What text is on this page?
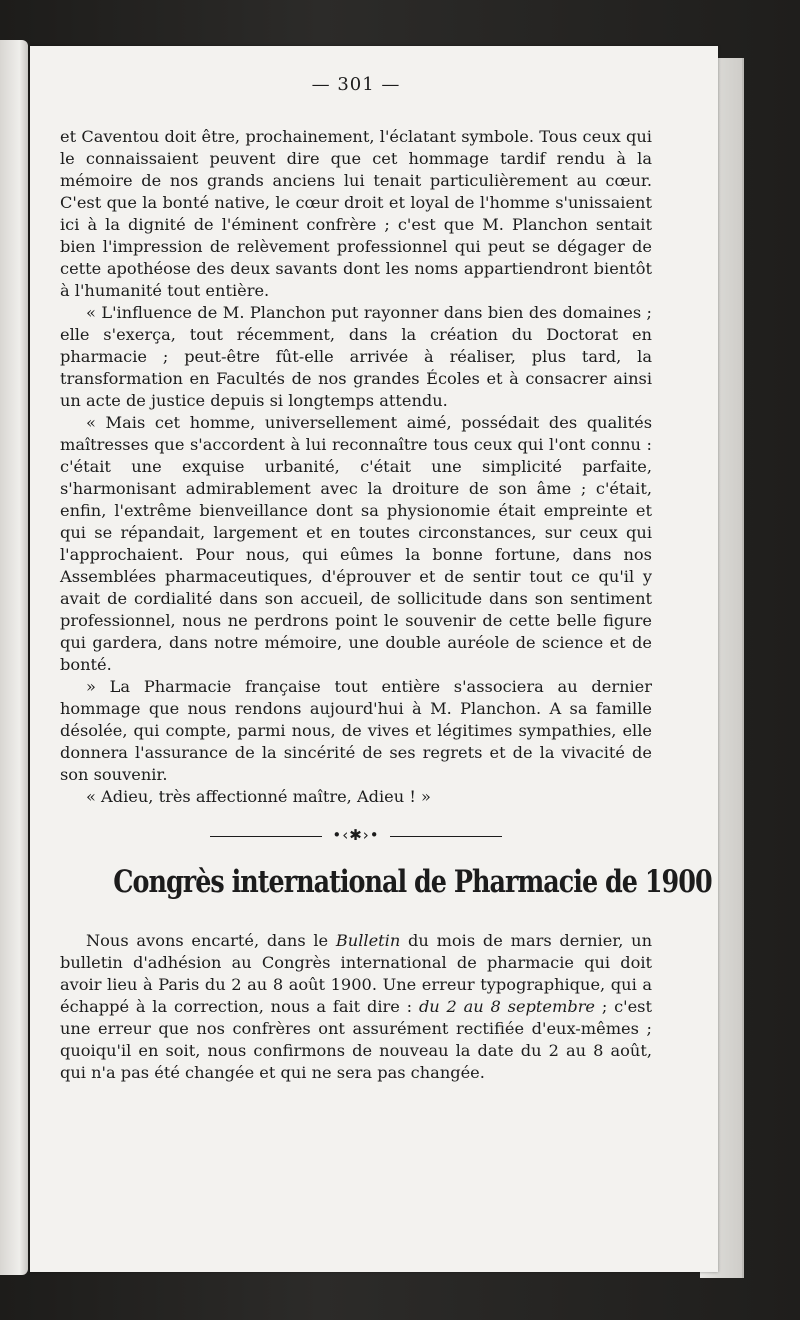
— 301 —

et Caventou doit être, prochainement, l'éclatant symbole. Tous ceux qui le connaissaient peuvent dire que cet hommage tardif rendu à la mémoire de nos grands anciens lui tenait particulièrement au cœur. C'est que la bonté native, le cœur droit et loyal de l'homme s'unissaient ici à la dignité de l'éminent confrère ; c'est que M. Planchon sentait bien l'impression de relèvement professionnel qui peut se dégager de cette apothéose des deux savants dont les noms appartiendront bientôt à l'humanité tout entière.

« L'influence de M. Planchon put rayonner dans bien des domaines ; elle s'exerça, tout récemment, dans la création du Doctorat en pharmacie ; peut-être fût-elle arrivée à réaliser, plus tard, la transformation en Facultés de nos grandes Écoles et à consacrer ainsi un acte de justice depuis si longtemps attendu.

« Mais cet homme, universellement aimé, possédait des qualités maîtresses que s'accordent à lui reconnaître tous ceux qui l'ont connu : c'était une exquise urbanité, c'était une simplicité parfaite, s'harmonisant admirablement avec la droiture de son âme ; c'était, enfin, l'extrême bienveillance dont sa physionomie était empreinte et qui se répandait, largement et en toutes circonstances, sur ceux qui l'approchaient. Pour nous, qui eûmes la bonne fortune, dans nos Assemblées pharmaceutiques, d'éprouver et de sentir tout ce qu'il y avait de cordialité dans son accueil, de sollicitude dans son sentiment professionnel, nous ne perdrons point le souvenir de cette belle figure qui gardera, dans notre mémoire, une double auréole de science et de bonté.

» La Pharmacie française tout entière s'associera au dernier hommage que nous rendons aujourd'hui à M. Planchon. A sa famille désolée, qui compte, parmi nous, de vives et légitimes sympathies, elle donnera l'assurance de la sincérité de ses regrets et de la vivacité de son souvenir.

« Adieu, très affectionné maître, Adieu ! »

•‹✱›•
Congrès international de Pharmacie de 1900

Nous avons encarté, dans le Bulletin du mois de mars dernier, un bulletin d'adhésion au Congrès international de pharmacie qui doit avoir lieu à Paris du 2 au 8 août 1900. Une erreur typographique, qui a échappé à la correction, nous a fait dire : du 2 au 8 septembre ; c'est une erreur que nos confrères ont assurément rectifiée d'eux-mêmes ; quoiqu'il en soit, nous confirmons de nouveau la date du 2 au 8 août, qui n'a pas été changée et qui ne sera pas changée.
